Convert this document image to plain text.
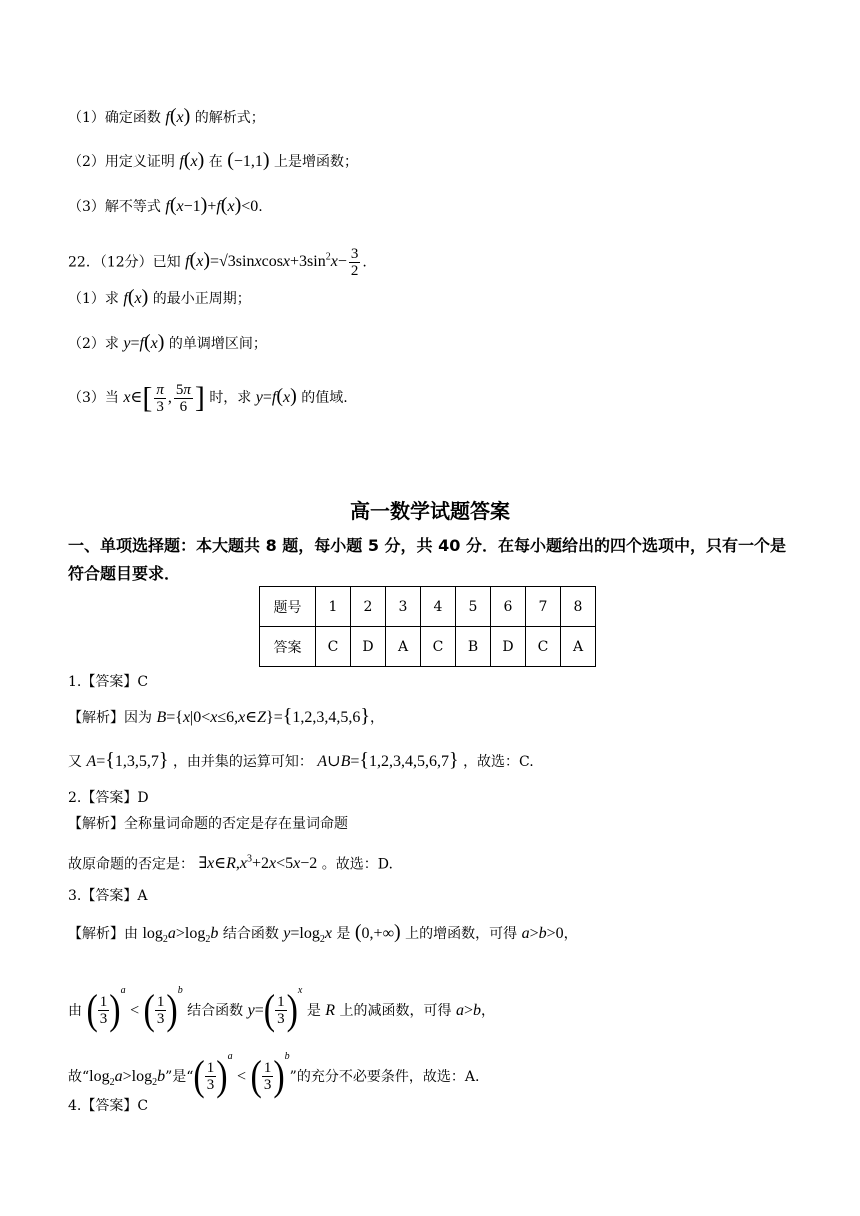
（1）确定函数 f(x) 的解析式；
（2）用定义证明 f(x) 在 (−1,1) 上是增函数；
（3）解不等式 f(x−1)+f(x)<0.
22．（12分）已知 $f(x)=√3sinxcosx+3\sin^2x- \frac{3}{2}$ .
（1）求 f(x) 的最小正周期；
（2）求 y=f(x) 的单调增区间；
（3）当 x∈[ $\frac{\pi}{3}$ , $\frac{5\pi}{6}$ ] 时，求 y=f(x) 的值域.
高一数学试题答案
一、单项选择题：本大题共 8 题，每小题 5 分，共 40 分．在每小题给出的四个选项中，只有一个是符合题目要求．
题号	1	2	3	4	5	6	7	8
答案	C	D	A	C	B	D	C	A
1.【答案】C
【解析】因为 B={x|0<x≤6,x∈Z}={1,2,3,4,5,6}，
又 A={1,3,5,7} ，由并集的运算可知： A∪B={1,2,3,4,5,6,7} ，故选：C.
2.【答案】D
【解析】全称量词命题的否定是存在量词命题
故原命题的否定是： $\exists x\in R,x^3+2x<5x-2$ 。故选：D.
3.【答案】A
【解析】由 $\log_2a>\log_2b$ 结合函数 $y=\log_2x$ 是 (0,+∞) 上的增函数，可得 a>b>0，
由 ( $\frac{1}{3} )^a$ < ( $\frac{1}{3} )^b$ 结合函数 $y=( \frac{1}{3} )^x$ 是 R 上的减函数，可得 a>b，
故“$\log_2a>\log_2b$”是“( $\frac{1}{3} )^a$ < ( $\frac{1}{3} )^b$”的充分不必要条件，故选：A.
4.【答案】C
